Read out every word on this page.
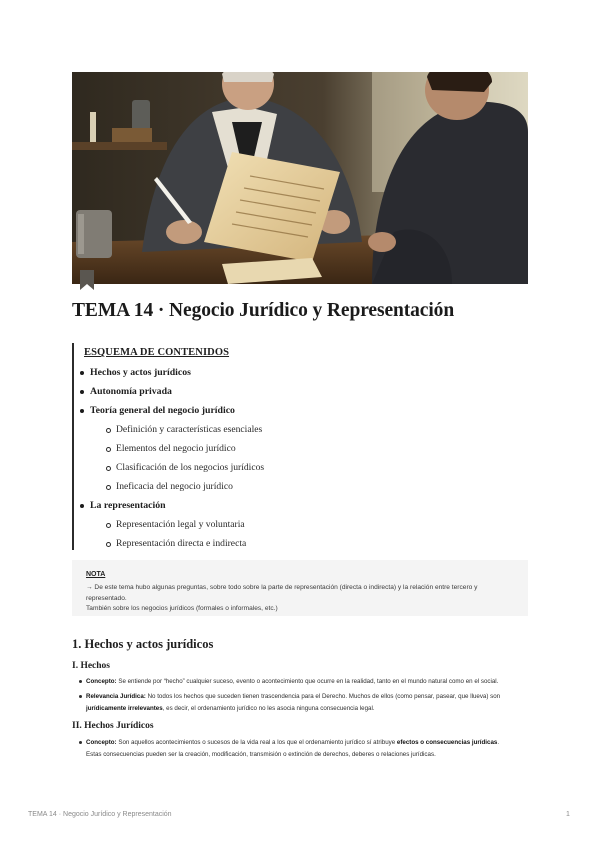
TEMA 14 · Negocio Jurídico y Representación

ESQUEMA DE CONTENIDOS

Hechos y actos jurídicos
Autonomía privada
Teoría general del negocio jurídico
Definición y características esenciales
Elementos del negocio jurídico
Clasificación de los negocios jurídicos
Ineficacia del negocio jurídico
La representación
Representación legal y voluntaria
Representación directa e indirecta

NOTA

→ De este tema hubo algunas preguntas, sobre todo sobre la parte de representación (directa o indirecta) y la relación entre tercero y representado.
También sobre los negocios jurídicos (formales o informales, etc.)

1. Hechos y actos jurídicos
I. Hechos

Concepto: Se entiende por “hecho” cualquier suceso, evento o acontecimiento que ocurre en la realidad, tanto en el mundo natural como en el social.

Relevancia Jurídica: No todos los hechos que suceden tienen trascendencia para el Derecho. Muchos de ellos (como pensar, pasear, que llueva) son
jurídicamente irrelevantes, es decir, el ordenamiento jurídico no les asocia ninguna consecuencia legal.

II. Hechos Jurídicos

Concepto: Son aquellos acontecimientos o sucesos de la vida real a los que el ordenamiento jurídico sí atribuye efectos o consecuencias jurídicas.
Estas consecuencias pueden ser la creación, modificación, transmisión o extinción de derechos, deberes o relaciones jurídicas.

TEMA 14 · Negocio Jurídico y Representación	1
